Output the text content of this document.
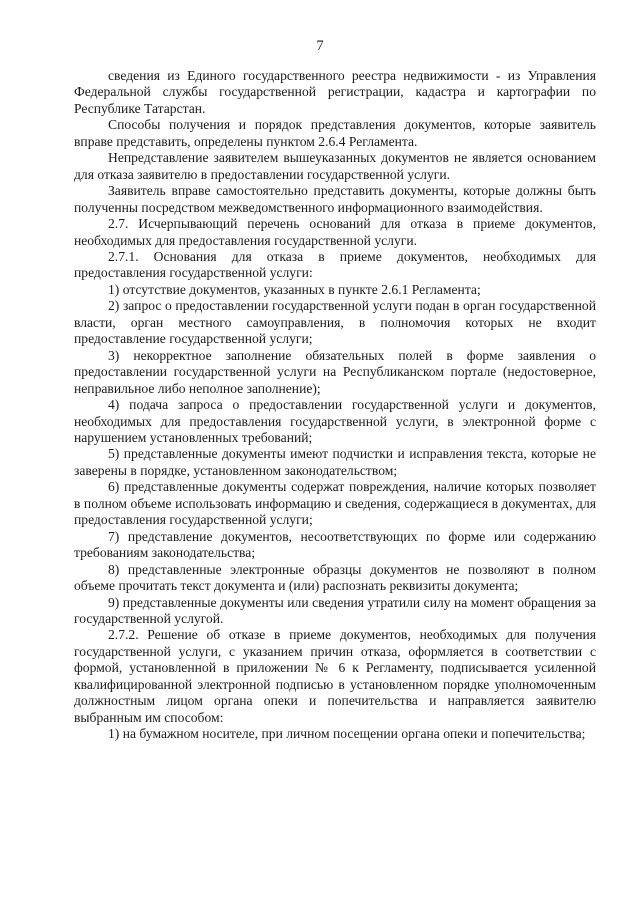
7

сведения из Единого государственного реестра недвижимости - из Управления Федеральной службы государственной регистрации, кадастра и картографии по Республике Татарстан.

Способы получения и порядок представления документов, которые заявитель вправе представить, определены пунктом 2.6.4 Регламента.

Непредставление заявителем вышеуказанных документов не является основанием для отказа заявителю в предоставлении государственной услуги.

Заявитель вправе самостоятельно представить документы, которые должны быть полученны посредством межведомственного информационного взаимодействия.

2.7. Исчерпывающий перечень оснований для отказа в приеме документов, необходимых для предоставления государственной услуги.

2.7.1. Основания для отказа в приеме документов, необходимых для предоставления государственной услуги:

1) отсутствие документов, указанных в пункте 2.6.1 Регламента;

2) запрос о предоставлении государственной услуги подан в орган государственной власти, орган местного самоуправления, в полномочия которых не входит предоставление государственной услуги;

3) некорректное заполнение обязательных полей в форме заявления о предоставлении государственной услуги на Республиканском портале (недостоверное, неправильное либо неполное заполнение);

4) подача запроса о предоставлении государственной услуги и документов, необходимых для предоставления государственной услуги, в электронной форме с нарушением установленных требований;

5) представленные документы имеют подчистки и исправления текста, которые не заверены в порядке, установленном законодательством;

6) представленные документы содержат повреждения, наличие которых позволяет в полном объеме использовать информацию и сведения, содержащиеся в документах, для предоставления государственной услуги;

7) представление документов, несоответствующих по форме или содержанию требованиям законодательства;

8) представленные электронные образцы документов не позволяют в полном объеме прочитать текст документа и (или) распознать реквизиты документа;

9) представленные документы или сведения утратили силу на момент обращения за государственной услугой.

2.7.2. Решение об отказе в приеме документов, необходимых для получения государственной услуги, с указанием причин отказа, оформляется в соответствии с формой, установленной в приложении № 6 к Регламенту, подписывается усиленной квалифицированной электронной подписью в установленном порядке уполномоченным должностным лицом органа опеки и попечительства и направляется заявителю выбранным им способом:

1) на бумажном носителе, при личном посещении органа опеки и попечительства;
